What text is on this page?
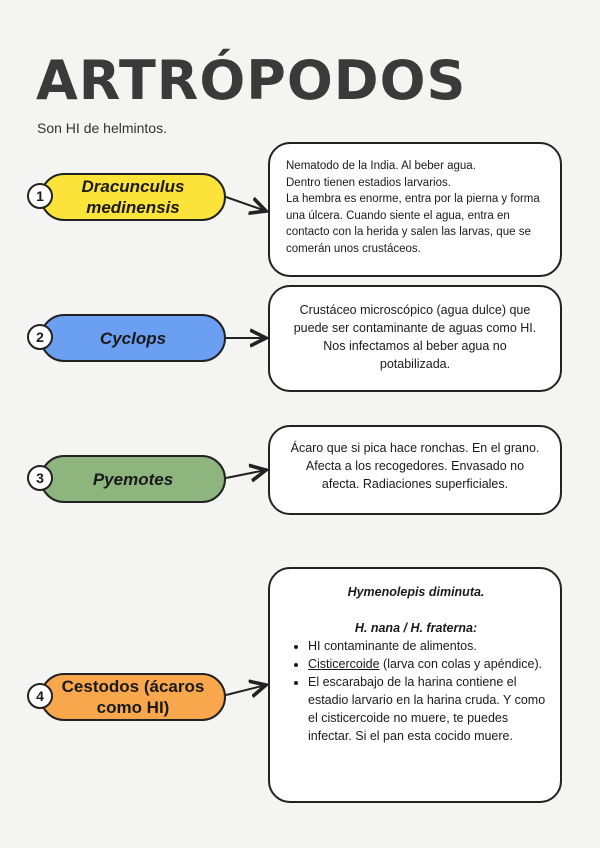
ARTRÓPODOS

Son HI de helmintos.

1	Dracunculus medinensis

Nematodo de la India. Al beber agua.

Dentro tienen estadios larvarios.

La hembra es enorme, entra por la pierna y forma una úlcera. Cuando siente el agua, entra en contacto con la herida y salen las larvas, que se comerán unos crustáceos.

2	Cyclops

Crustáceo microscópico (agua dulce) que puede ser contaminante de aguas como HI. Nos infectamos al beber agua no potabilizada.

3	Pyemotes

Ácaro que si pica hace ronchas. En el grano. Afecta a los recogedores. Envasado no afecta. Radiaciones superficiales.

4	Cestodos (ácaros como HI)

Hymenolepis diminuta.

H. nana / H. fraterna:

• HI contaminante de alimentos.
• Cisticercoide (larva con colas y apéndice).
• El escarabajo de la harina contiene el estadio larvario en la harina cruda. Y como el cisticercoide no muere, te puedes infectar. Si el pan esta cocido muere.
